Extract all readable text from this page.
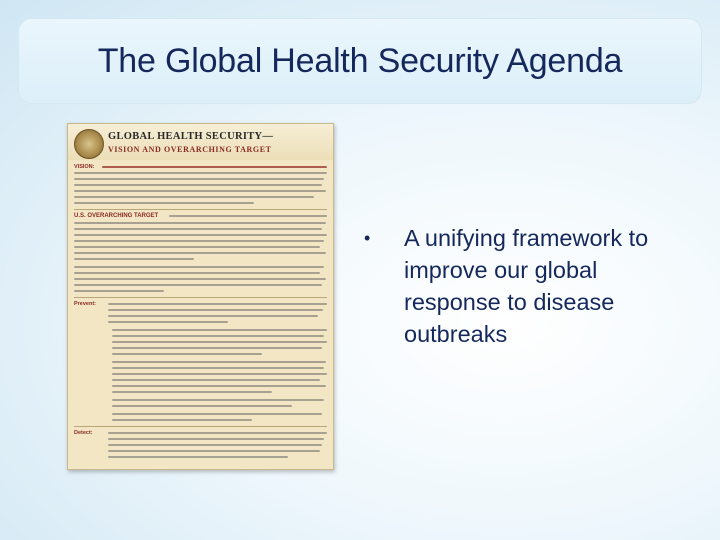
The Global Health Security Agenda
GLOBAL HEALTH SECURITY—
VISION AND OVERARCHING TARGET
VISION:
U.S. OVERARCHING TARGET
Prevent:
Detect:
•	A unifying framework to improve our global response to disease outbreaks
